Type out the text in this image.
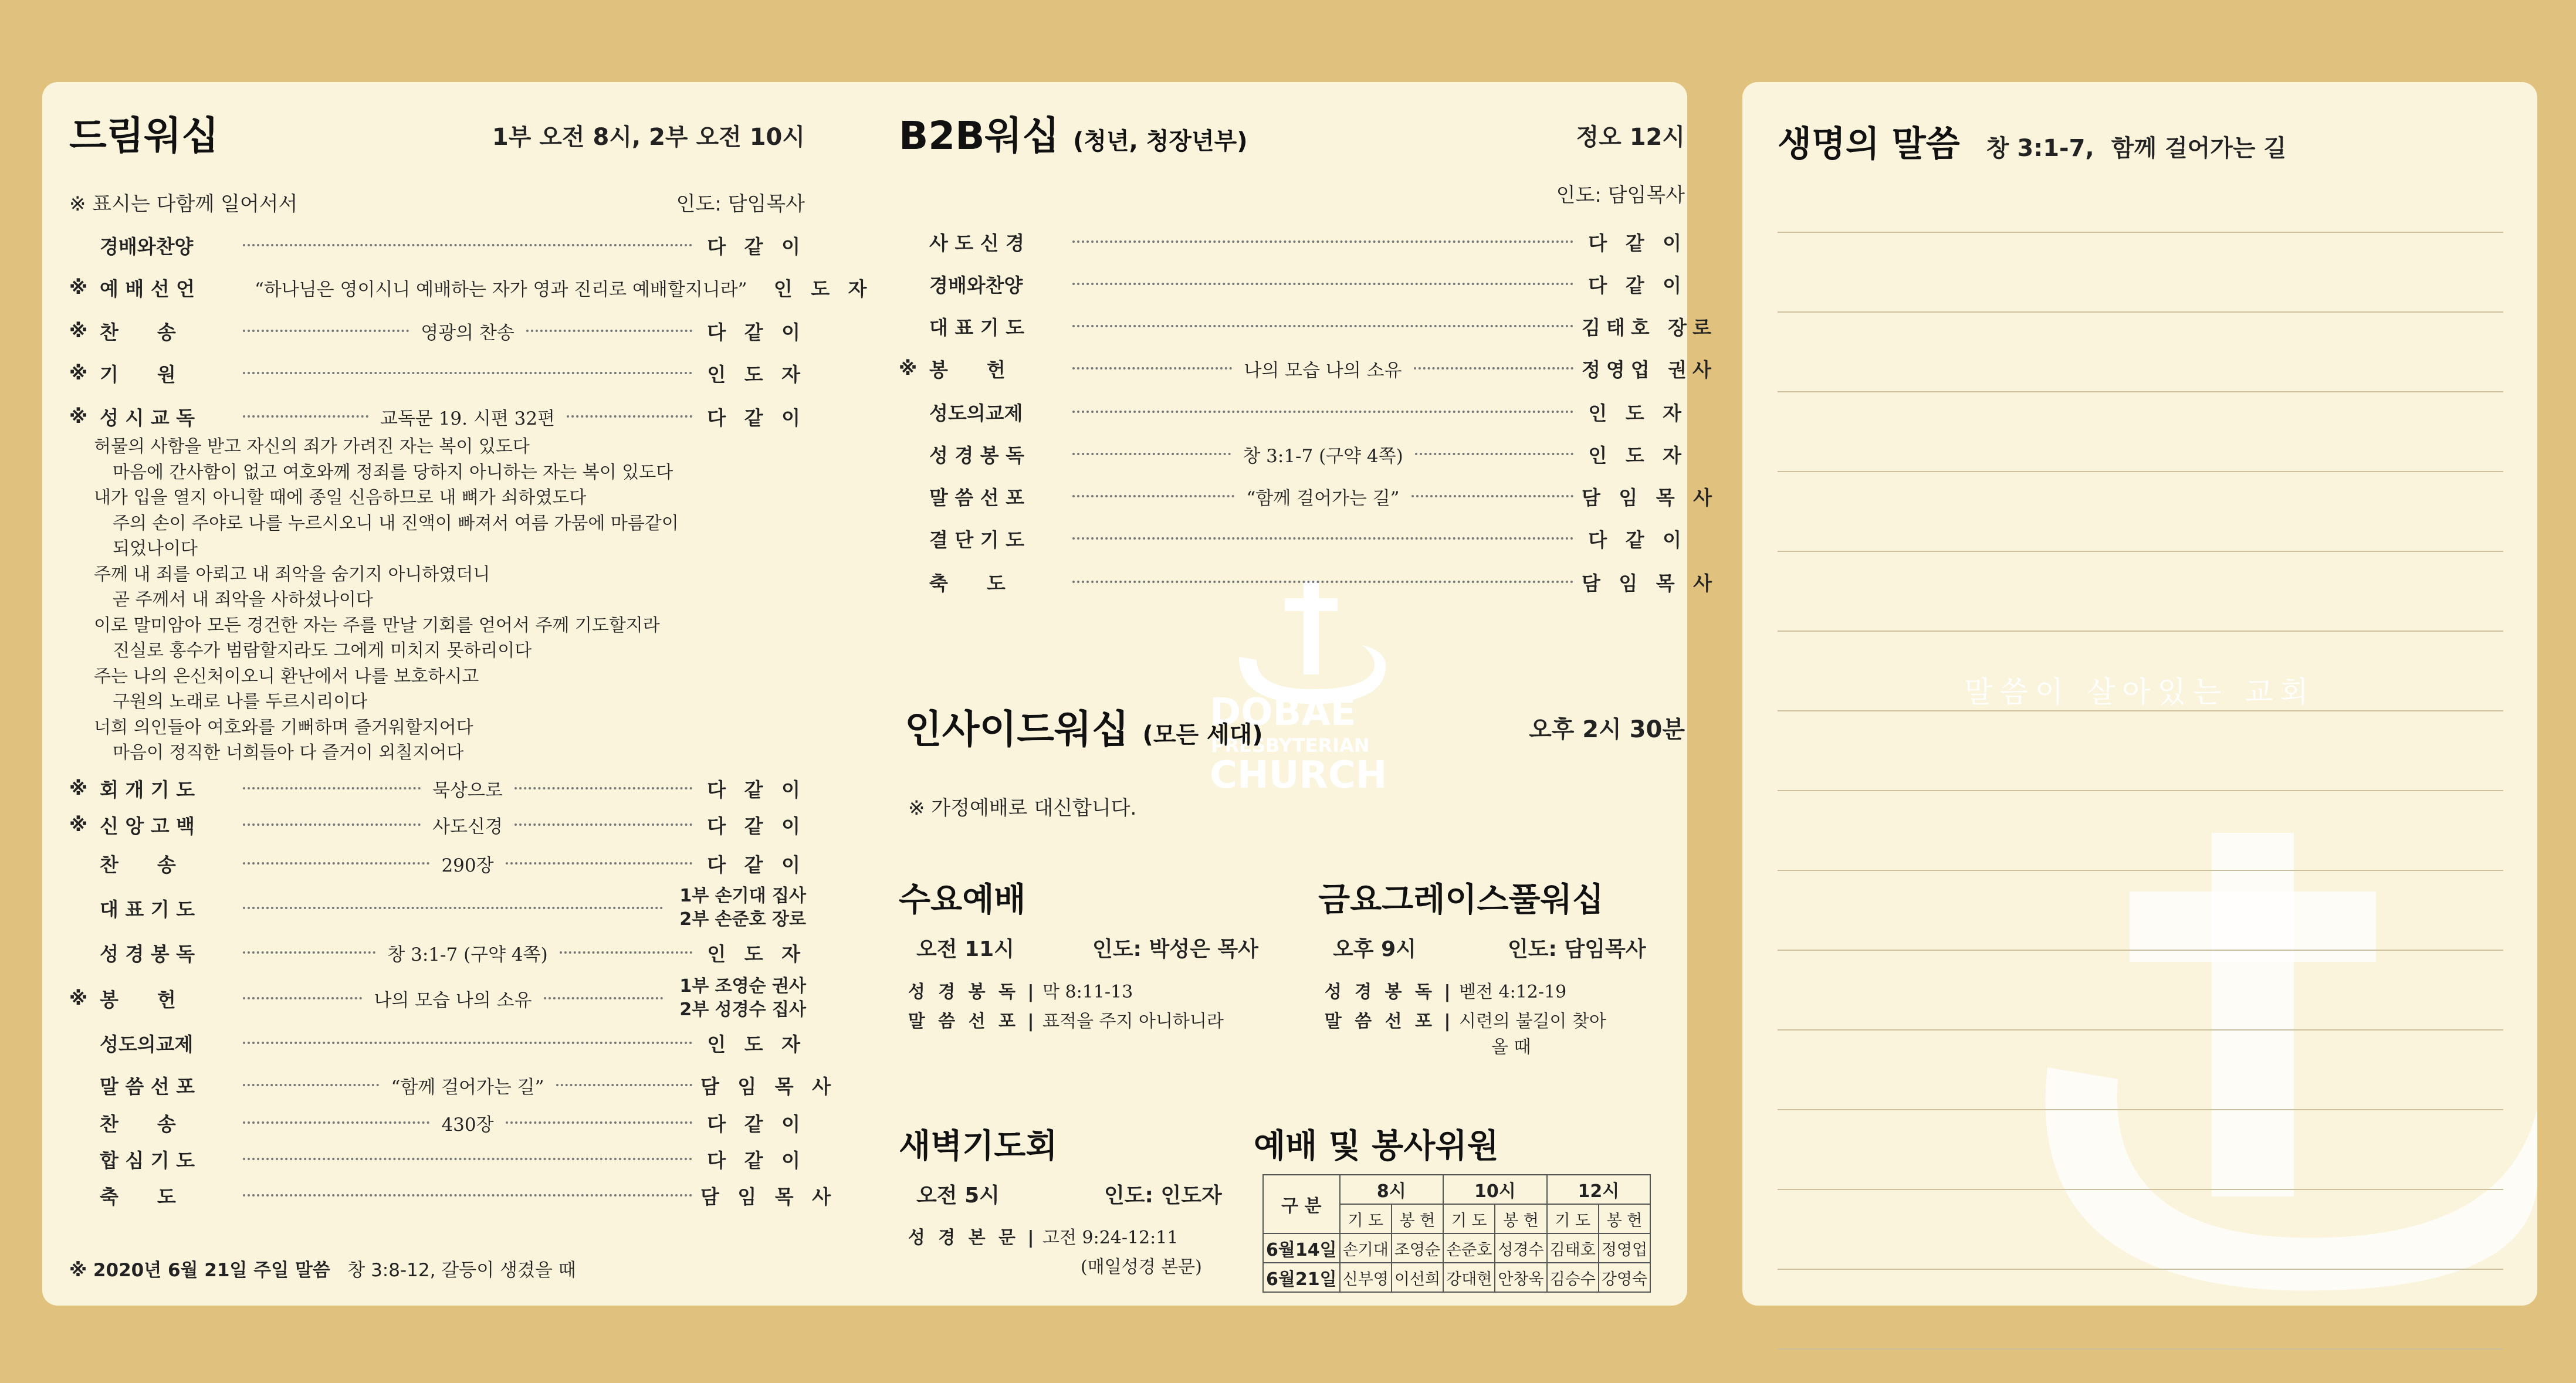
DOBAE
PRESBYTERIAN
CHURCH
드림워십	1부 오전 8시, 2부 오전 10시
※ 표시는 다함께 일어서서	인도: 담임목사
경배와찬양	다 같 이
※ 예 배 선 언	“하나님은 영이시니 예배하는 자가 영과 진리로 예배할지니라”	인 도 자
※ 찬　　송	영광의 찬송	다 같 이
※ 기　　원	인 도 자
※ 성 시 교 독	교독문 19. 시편 32편	다 같 이
허물의 사함을 받고 자신의 죄가 가려진 자는 복이 있도다
마음에 간사함이 없고 여호와께 정죄를 당하지 아니하는 자는 복이 있도다
내가 입을 열지 아니할 때에 종일 신음하므로 내 뼈가 쇠하였도다
주의 손이 주야로 나를 누르시오니 내 진액이 빠져서 여름 가뭄에 마름같이
되었나이다
주께 내 죄를 아뢰고 내 죄악을 숨기지 아니하였더니
곧 주께서 내 죄악을 사하셨나이다
이로 말미암아 모든 경건한 자는 주를 만날 기회를 얻어서 주께 기도할지라
진실로 홍수가 범람할지라도 그에게 미치지 못하리이다
주는 나의 은신처이오니 환난에서 나를 보호하시고
구원의 노래로 나를 두르시리이다
너희 의인들아 여호와를 기뻐하며 즐거워할지어다
마음이 정직한 너희들아 다 즐거이 외칠지어다
※ 회 개 기 도	묵상으로	다 같 이
※ 신 앙 고 백	사도신경	다 같 이
찬　　송	290장	다 같 이
대 표 기 도
1부 손기대 집사
2부 손준호 장로
성 경 봉 독	창 3:1-7 (구약 4쪽)	인 도 자
※ 봉　　헌	나의 모습 나의 소유
1부 조영순 권사
2부 성경수 집사
성도의교제	인 도 자
말 씀 선 포	“함께 걸어가는 길”	담 임 목 사
찬　　송	430장	다 같 이
합 심 기 도	다 같 이
축　　도	담 임 목 사
※ 2020년 6월 21일 주일 말씀 창 3:8-12, 갈등이 생겼을 때
B2B워십 (청년, 청장년부)	정오 12시
인도: 담임목사
사 도 신 경	다 같 이
경배와찬양	다 같 이
대 표 기 도	김태호 장로
※ 봉　　헌	나의 모습 나의 소유	정영업 권사
성도의교제	인 도 자
성 경 봉 독	창 3:1-7 (구약 4쪽)	인 도 자
말 씀 선 포	“함께 걸어가는 길”	담 임 목 사
결 단 기 도	다 같 이
축　　도	담 임 목 사
인사이드워십 (모든 세대)	오후 2시 30분
※ 가정예배로 대신합니다.
수요예배
오전 11시	인도: 박성은 목사
성 경 봉 독 | 막 8:11-13
말 씀 선 포 | 표적을 주지 아니하니라
금요그레이스풀워십
오후 9시	인도: 담임목사
성 경 봉 독 | 벧전 4:12-19
말 씀 선 포 | 시련의 불길이 찾아
올 때
새벽기도회
오전 5시	인도: 인도자
성 경 본 문 | 고전 9:24-12:11
(매일성경 본문)
예배 및 봉사위원
구 분	8시		10시		12시	
	기 도	봉 헌	기 도	봉 헌	기 도	봉 헌
6월14일	손기대	조영순	손준호	성경수	김태호	정영업
6월21일	신부영	이선희	강대현	안창욱	김승수	강영숙
생명의 말씀 창 3:1-7, 함께 걸어가는 길
말씀이 살아있는 교회
